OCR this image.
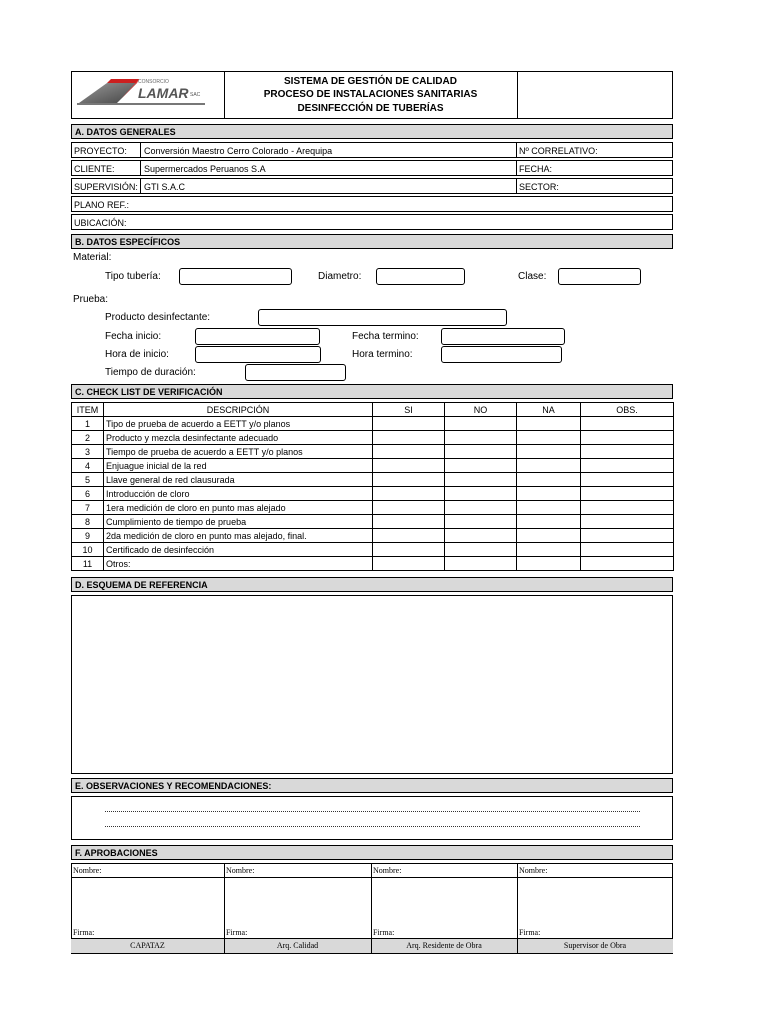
CONSORCIO
LAMAR SAC
SISTEMA DE GESTIÓN DE CALIDAD
PROCESO DE INSTALACIONES SANITARIAS
DESINFECCIÓN DE TUBERÍAS
A. DATOS GENERALES
PROYECTO: Conversión Maestro Cerro Colorado - Arequipa	Nº CORRELATIVO:
CLIENTE:	Supermercados Peruanos S.A	FECHA:
SUPERVISIÓN: GTI S.A.C	SECTOR:
PLANO REF.:
UBICACIÓN:
B. DATOS ESPECÍFICOS
Material:
Tipo tubería:	Diametro:	Clase:
Prueba:
Producto desinfectante:
Fecha inicio:	Fecha termino:
Hora de inicio:	Hora termino:
Tiempo de duración:
C. CHECK LIST DE VERIFICACIÓN
ITEM	DESCRIPCIÓN	SI	NO	NA	OBS.
1	Tipo de prueba de acuerdo a EETT y/o planos				
2	Producto y mezcla desinfectante adecuado				
3	Tiempo de prueba de acuerdo a EETT y/o planos				
4	Enjuague inicial de la red				
5	Llave general de red clausurada				
6	Introducción de cloro				
7	1era medición de cloro en punto mas alejado				
8	Cumplimiento de tiempo de prueba				
9	2da medición de cloro en punto mas alejado, final.				
10	Certificado de desinfección				
11	Otros:				
D. ESQUEMA DE REFERENCIA
E. OBSERVACIONES Y RECOMENDACIONES:
F. APROBACIONES
Nombre:	Nombre:	Nombre:	Nombre:
Firma:	Firma:	Firma:	Firma:
CAPATAZ	Arq. Calidad	Arq. Residente de Obra	Supervisor de Obra
